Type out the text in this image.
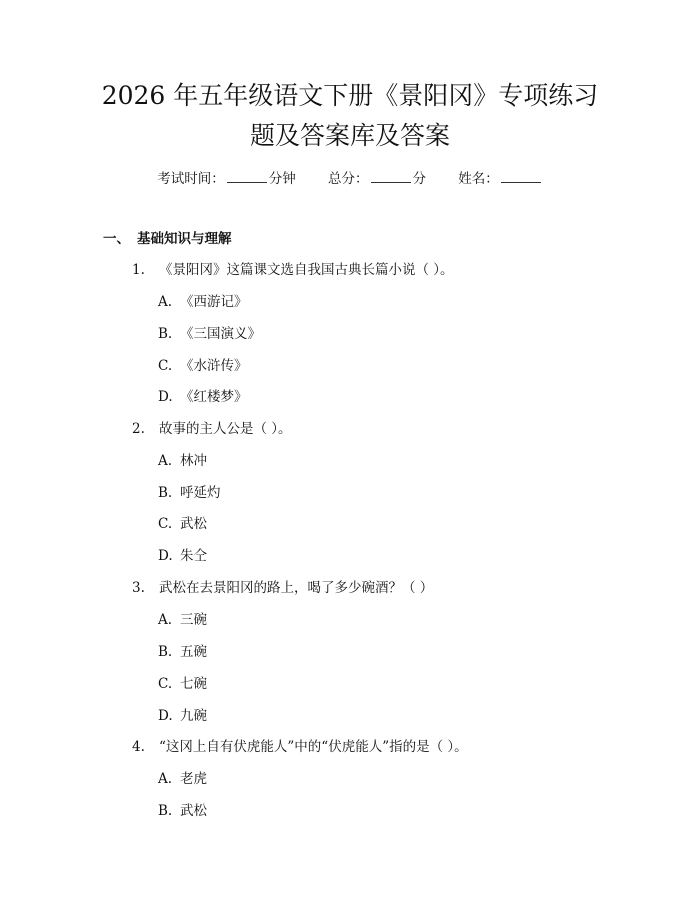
2026 年五年级语文下册《景阳冈》专项练习
题及答案库及答案
考试时间：	分钟 总分：	分 姓名：
一、 基础知识与理解
1. 《景阳冈》这篇课文选自我国古典长篇小说（ ）。
A. 《西游记》
B. 《三国演义》
C. 《水浒传》
D. 《红楼梦》
2. 故事的主人公是（ ）。
A. 林冲
B. 呼延灼
C. 武松
D. 朱仝
3. 武松在去景阳冈的路上，喝了多少碗酒？（ ）
A. 三碗
B. 五碗
C. 七碗
D. 九碗
4. “这冈上自有伏虎能人”中的“伏虎能人”指的是（ ）。
A. 老虎
B. 武松
